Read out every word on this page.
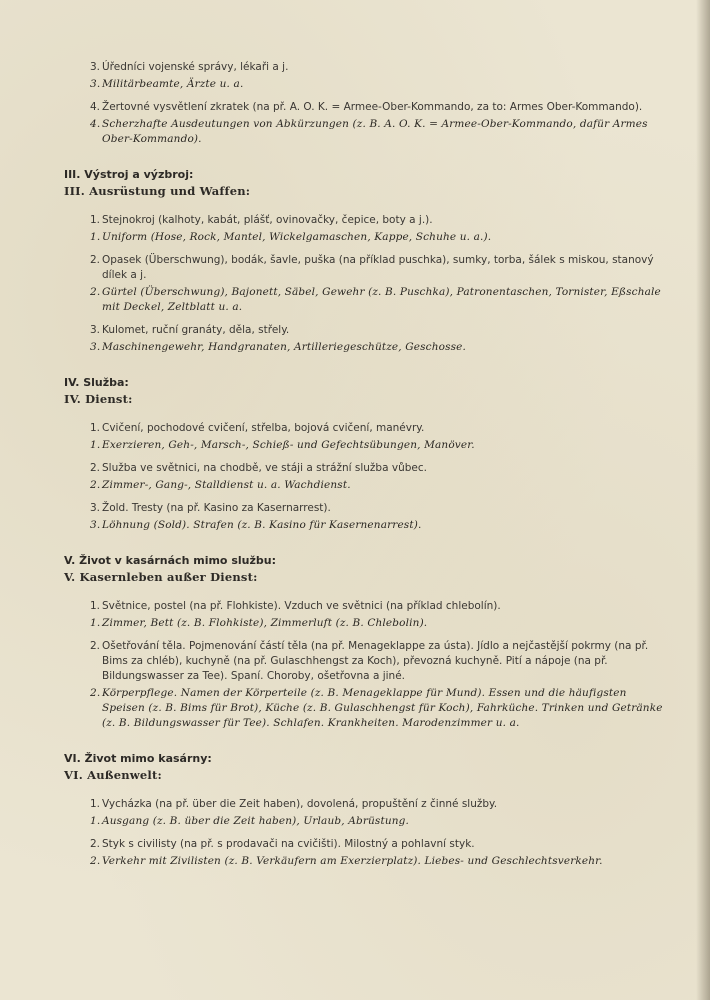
3. Úředníci vojenské správy, lékaři a j.
3. Militärbeamte, Ärzte u. a.
4. Žertovné vysvětlení zkratek (na př. A. O. K. = Armee-Ober-Kommando, za to: Armes Ober-Kommando).
4. Scherzhafte Ausdeutungen von Abkürzungen (z. B. A. O. K. = Armee-Ober-Kommando, dafür Armes Ober-Kommando).
III. Výstroj a výzbroj:
III. Ausrüstung und Waffen:
1. Stejnokroj (kalhoty, kabát, plášť, ovinovačky, čepice, boty a j.).
1. Uniform (Hose, Rock, Mantel, Wickelgamaschen, Kappe, Schuhe u. a.).
2. Opasek (Überschwung), bodák, šavle, puška (na příklad puschka), sumky, torba, šálek s miskou, stanový dílek a j.
2. Gürtel (Überschwung), Bajonett, Säbel, Gewehr (z. B. Puschka), Patronentaschen, Tornister, Eßschale mit Deckel, Zeltblatt u. a.
3. Kulomet, ruční granáty, děla, střely.
3. Maschinengewehr, Handgranaten, Artilleriegeschütze, Geschosse.
IV. Služba:
IV. Dienst:
1. Cvičení, pochodové cvičení, střelba, bojová cvičení, manévry.
1. Exerzieren, Geh-, Marsch-, Schieß- und Gefechtsübungen, Manöver.
2. Služba ve světnici, na chodbě, ve stáji a strážní služba vůbec.
2. Zimmer-, Gang-, Stalldienst u. a. Wachdienst.
3. Žold. Tresty (na př. Kasino za Kasernarrest).
3. Löhnung (Sold). Strafen (z. B. Kasino für Kasernenarrest).
V. Život v kasárnách mimo službu:
V. Kasernleben außer Dienst:
1. Světnice, postel (na př. Flohkiste). Vzduch ve světnici (na příklad chlebolín).
1. Zimmer, Bett (z. B. Flohkiste), Zimmerluft (z. B. Chlebolin).
2. Ošetřování těla. Pojmenování částí těla (na př. Menageklappe za ústa). Jídlo a nejčastější pokrmy (na př. Bims za chléb), kuchyně (na př. Gulaschhengst za Koch), převozná kuchyně. Pití a nápoje (na př. Bildungswasser za Tee). Spaní. Choroby, ošetřovna a jiné.
2. Körperpflege. Namen der Körperteile (z. B. Menageklappe für Mund). Essen und die häufigsten Speisen (z. B. Bims für Brot), Küche (z. B. Gulaschhengst für Koch), Fahrküche. Trinken und Getränke (z. B. Bildungswasser für Tee). Schlafen. Krankheiten. Marodenzimmer u. a.
VI. Život mimo kasárny:
VI. Außenwelt:
1. Vycházka (na př. über die Zeit haben), dovolená, propuštění z činné služby.
1. Ausgang (z. B. über die Zeit haben), Urlaub, Abrüstung.
2. Styk s civilisty (na př. s prodavači na cvičišti). Milostný a pohlavní styk.
2. Verkehr mit Zivilisten (z. B. Verkäufern am Exerzierplatz). Liebes- und Geschlechtsverkehr.
